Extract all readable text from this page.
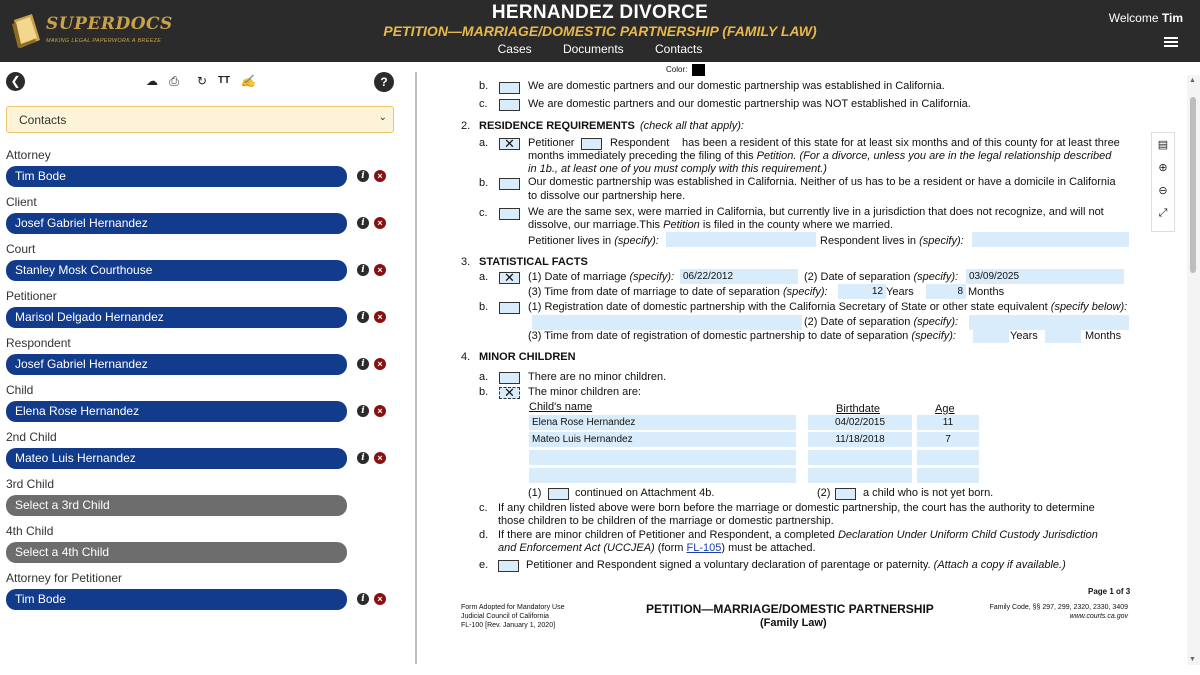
SUPERDOCS
MAKING LEGAL PAPERWORK A BREEZE
HERNANDEZ DIVORCE
PETITION—MARRIAGE/DOMESTIC PARTNERSHIP (FAMILY LAW)
Cases	Documents	Contacts
Welcome Tim
❮	☁ ⎙ ↻ TT ✍	?
Contacts	⌄
Attorney
Tim Bode	i	×
Client
Josef Gabriel Hernandez	i	×
Court
Stanley Mosk Courthouse	i	×
Petitioner
Marisol Delgado Hernandez	i	×
Respondent
Josef Gabriel Hernandez	i	×
Child
Elena Rose Hernandez	i	×
2nd Child
Mateo Luis Hernandez	i	×
3rd Child
Select a 3rd Child
4th Child
Select a 4th Child
Attorney for Petitioner
Tim Bode	i	×
Color:
b.	We are domestic partners and our domestic partnership was established in California.
c.	We are domestic partners and our domestic partnership was NOT established in California.
2. RESIDENCE REQUIREMENTS (check all that apply):
a. ✕	Petitioner	Respondent has been a resident of this state for at least six months and of this county for at least three
months immediately preceding the filing of this Petition. (For a divorce, unless you are in the legal relationship described
in 1b., at least one of you must comply with this requirement.)
b.	Our domestic partnership was established in California. Neither of us has to be a resident or have a domicile in California
to dissolve our partnership here.
c.	We are the same sex, were married in California, but currently live in a jurisdiction that does not recognize, and will not
dissolve, our marriage.This Petition is filed in the county where we married.
Petitioner lives in (specify):	Respondent lives in (specify):
3. STATISTICAL FACTS
a. ✕	(1) Date of marriage (specify): 06/22/2012	(2) Date of separation (specify):	03/09/2025
(3) Time from date of marriage to date of separation (specify):	12 Years	8 Months
b.	(1) Registration date of domestic partnership with the California Secretary of State or other state equivalent (specify below):
(2) Date of separation (specify):
(3) Time from date of registration of domestic partnership to date of separation (specify):	Years	Months
4. MINOR CHILDREN
a.	There are no minor children.
b. ✕	The minor children are:
Child's name	Birthdate	Age
Elena Rose Hernandez	04/02/2015	11
Mateo Luis Hernandez	11/18/2018	7
(1)	continued on Attachment 4b.	(2)	a child who is not yet born.
c. If any children listed above were born before the marriage or domestic partnership, the court has the authority to determine
those children to be children of the marriage or domestic partnership.
d. If there are minor children of Petitioner and Respondent, a completed Declaration Under Uniform Child Custody Jurisdiction
and Enforcement Act (UCCJEA) (form FL-105) must be attached.
e.	Petitioner and Respondent signed a voluntary declaration of parentage or paternity. (Attach a copy if available.)
Page 1 of 3
Form Adopted for Mandatory Use
Judicial Council of California
FL-100 [Rev. January 1, 2020]
PETITION—MARRIAGE/DOMESTIC PARTNERSHIP
(Family Law)
Family Code, §§ 297, 299, 2320, 2330, 3409
www.courts.ca.gov
▤
⊕
⊖
⤢
▲
▼
